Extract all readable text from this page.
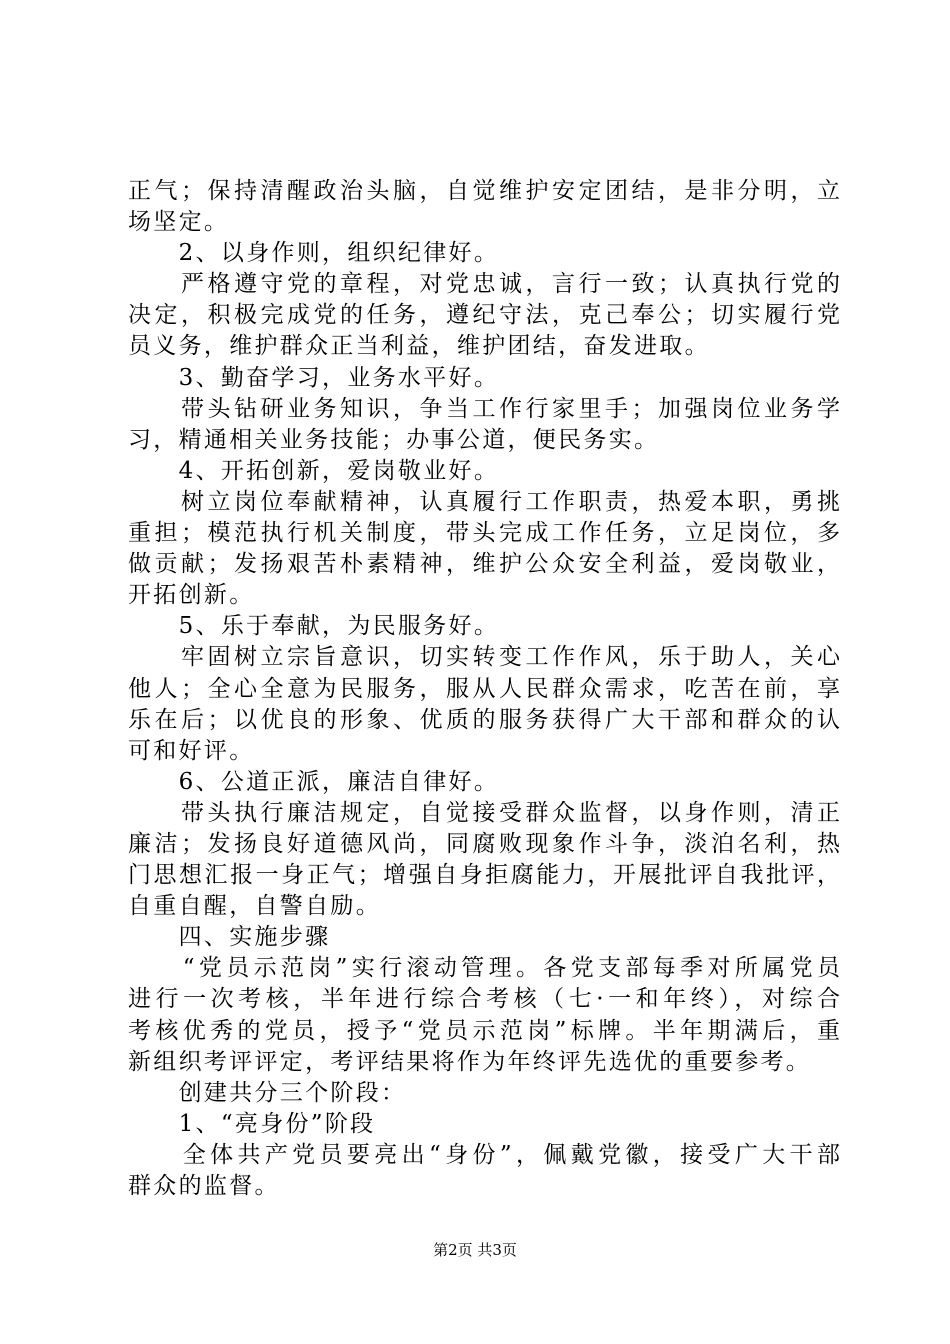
正气；保持清醒政治头脑，自觉维护安定团结，是非分明，立
场坚定。
　　2、以身作则，组织纪律好。
　　严格遵守党的章程，对党忠诚，言行一致；认真执行党的
决定，积极完成党的任务，遵纪守法，克己奉公；切实履行党
员义务，维护群众正当利益，维护团结，奋发进取。
　　3、勤奋学习，业务水平好。
　　带头钻研业务知识，争当工作行家里手；加强岗位业务学
习，精通相关业务技能；办事公道，便民务实。
　　4、开拓创新，爱岗敬业好。
　　树立岗位奉献精神，认真履行工作职责，热爱本职，勇挑
重担；模范执行机关制度，带头完成工作任务，立足岗位，多
做贡献；发扬艰苦朴素精神，维护公众安全利益，爱岗敬业，
开拓创新。
　　5、乐于奉献，为民服务好。
　　牢固树立宗旨意识，切实转变工作作风，乐于助人，关心
他人；全心全意为民服务，服从人民群众需求，吃苦在前，享
乐在后；以优良的形象、优质的服务获得广大干部和群众的认
可和好评。
　　6、公道正派，廉洁自律好。
　　带头执行廉洁规定，自觉接受群众监督，以身作则，清正
廉洁；发扬良好道德风尚，同腐败现象作斗争，淡泊名利，热
门思想汇报一身正气；增强自身拒腐能力，开展批评自我批评，
自重自醒，自警自励。
　　四、实施步骤
　　“党员示范岗”实行滚动管理。各党支部每季对所属党员
进行一次考核，半年进行综合考核（七·一和年终），对综合
考核优秀的党员，授予“党员示范岗”标牌。半年期满后，重
新组织考评评定，考评结果将作为年终评先选优的重要参考。
　　创建共分三个阶段：
　　1、“亮身份”阶段
　　全体共产党员要亮出“身份”，佩戴党徽，接受广大干部
群众的监督。
第2页 共3页
